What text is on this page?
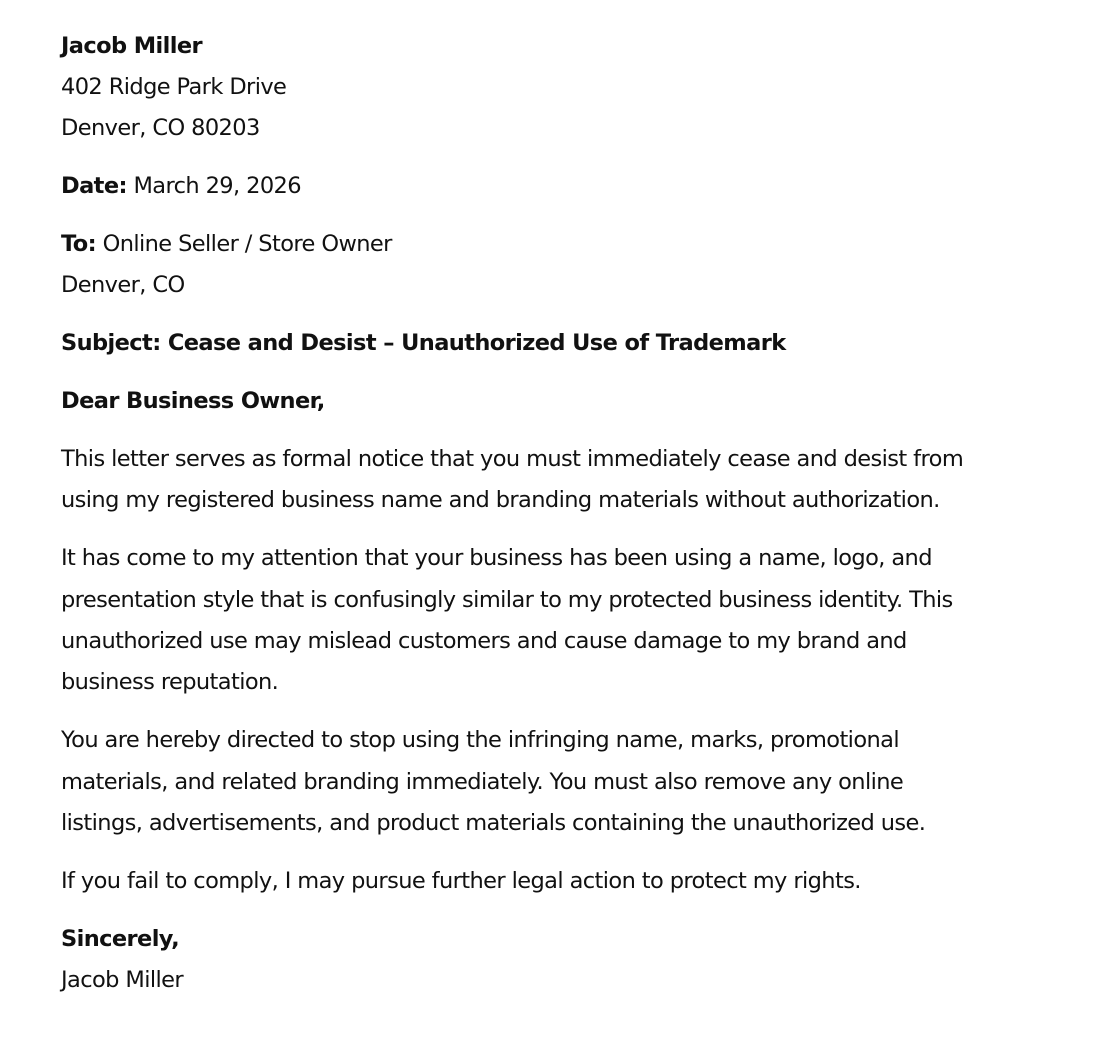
Jacob Miller
402 Ridge Park Drive
Denver, CO 80203
Date: March 29, 2026
To: Online Seller / Store Owner
Denver, CO
Subject: Cease and Desist – Unauthorized Use of Trademark
Dear Business Owner,
This letter serves as formal notice that you must immediately cease and desist from
using my registered business name and branding materials without authorization.
It has come to my attention that your business has been using a name, logo, and
presentation style that is confusingly similar to my protected business identity. This
unauthorized use may mislead customers and cause damage to my brand and
business reputation.
You are hereby directed to stop using the infringing name, marks, promotional
materials, and related branding immediately. You must also remove any online
listings, advertisements, and product materials containing the unauthorized use.
If you fail to comply, I may pursue further legal action to protect my rights.
Sincerely,
Jacob Miller
